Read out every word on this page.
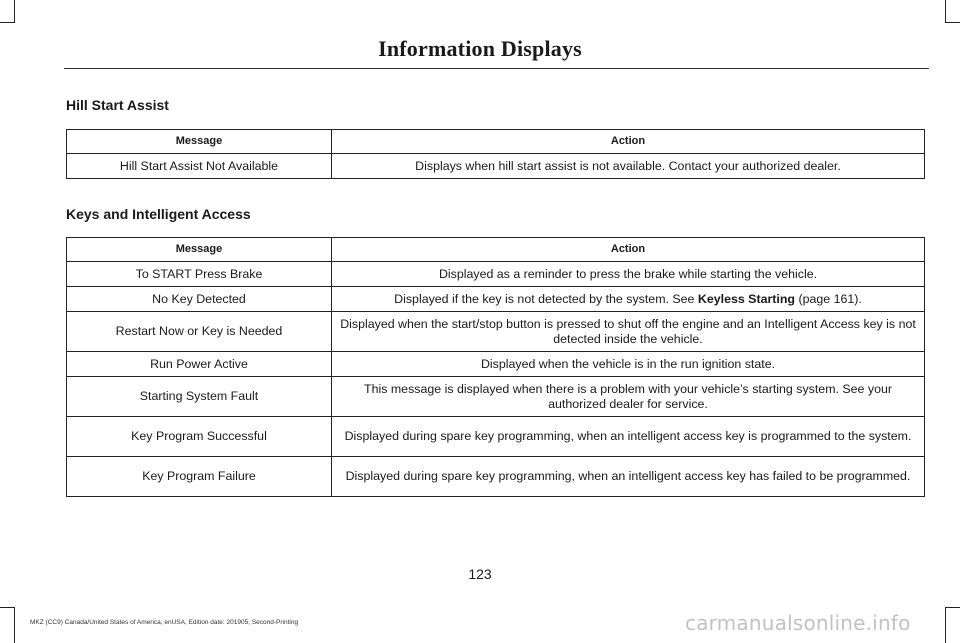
Information Displays
Hill Start Assist
Message	Action
Hill Start Assist Not Available	Displays when hill start assist is not available. Contact your authorized dealer.
Keys and Intelligent Access
Message	Action
To START Press Brake	Displayed as a reminder to press the brake while starting the vehicle.
No Key Detected	Displayed if the key is not detected by the system. See Keyless Starting (page 161).
Restart Now or Key is Needed	Displayed when the start/stop button is pressed to shut off the engine and an Intelligent Access key is not detected inside the vehicle.
Run Power Active	Displayed when the vehicle is in the run ignition state.
Starting System Fault	This message is displayed when there is a problem with your vehicle’s starting system. See your authorized dealer for service.
Key Program Successful	Displayed during spare key programming, when an intelligent access key is programmed to the system.
Key Program Failure	Displayed during spare key programming, when an intelligent access key has failed to be programmed.
123
MKZ (CC9) Canada/United States of America, enUSA, Edition date: 201905, Second-Printing	carmanualsonline.info
